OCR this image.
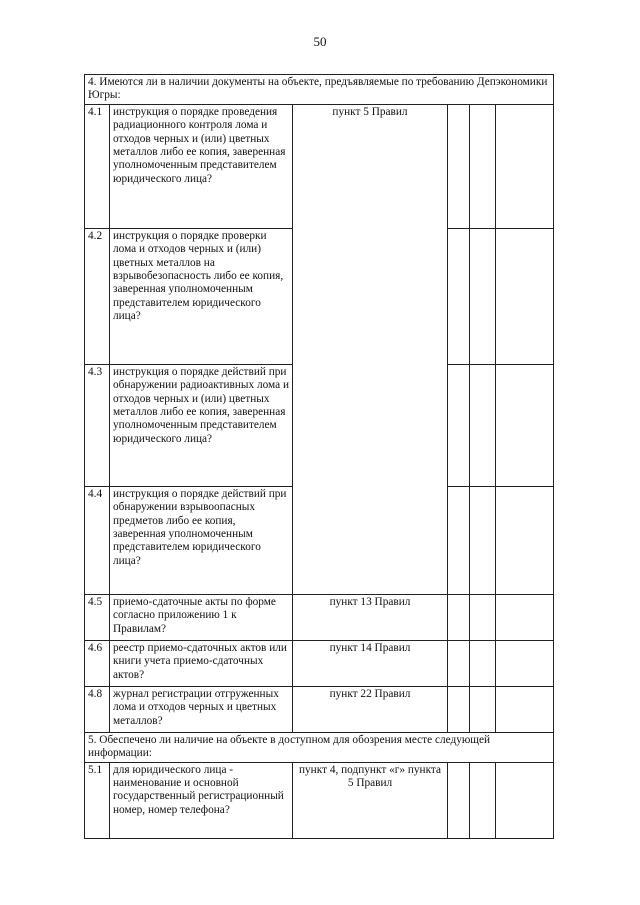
50
4. Имеются ли в наличии документы на объекте, предъявляемые по требованию Депэкономики Югры:					
4.1	инструкция о порядке проведения радиационного контроля лома и отходов черных и (или) цветных металлов либо ее копия, заверенная уполномоченным представителем юридического лица?	пункт 5 Правил			
4.2	инструкция о порядке проверки лома и отходов черных и (или) цветных металлов на взрывобезопасность либо ее копия, заверенная уполномоченным представителем юридического лица?				
4.3	инструкция о порядке действий при обнаружении радиоактивных лома и отходов черных и (или) цветных металлов либо ее копия, заверенная уполномоченным представителем юридического лица?				
4.4	инструкция о порядке действий при обнаружении взрывоопасных предметов либо ее копия, заверенная уполномоченным представителем юридического лица?				
4.5	приемо-сдаточные акты по форме согласно приложению 1 к Правилам?	пункт 13 Правил			
4.6	реестр приемо-сдаточных актов или книги учета приемо-сдаточных актов?	пункт 14 Правил			
4.8	журнал регистрации отгруженных лома и отходов черных и цветных металлов?	пункт 22 Правил			
5. Обеспечено ли наличие на объекте в доступном для обозрения месте следующей информации:					
5.1	для юридического лица - наименование и основной государственный регистрационный номер, номер телефона?	пункт 4, подпункт «г» пункта 5 Правил			
